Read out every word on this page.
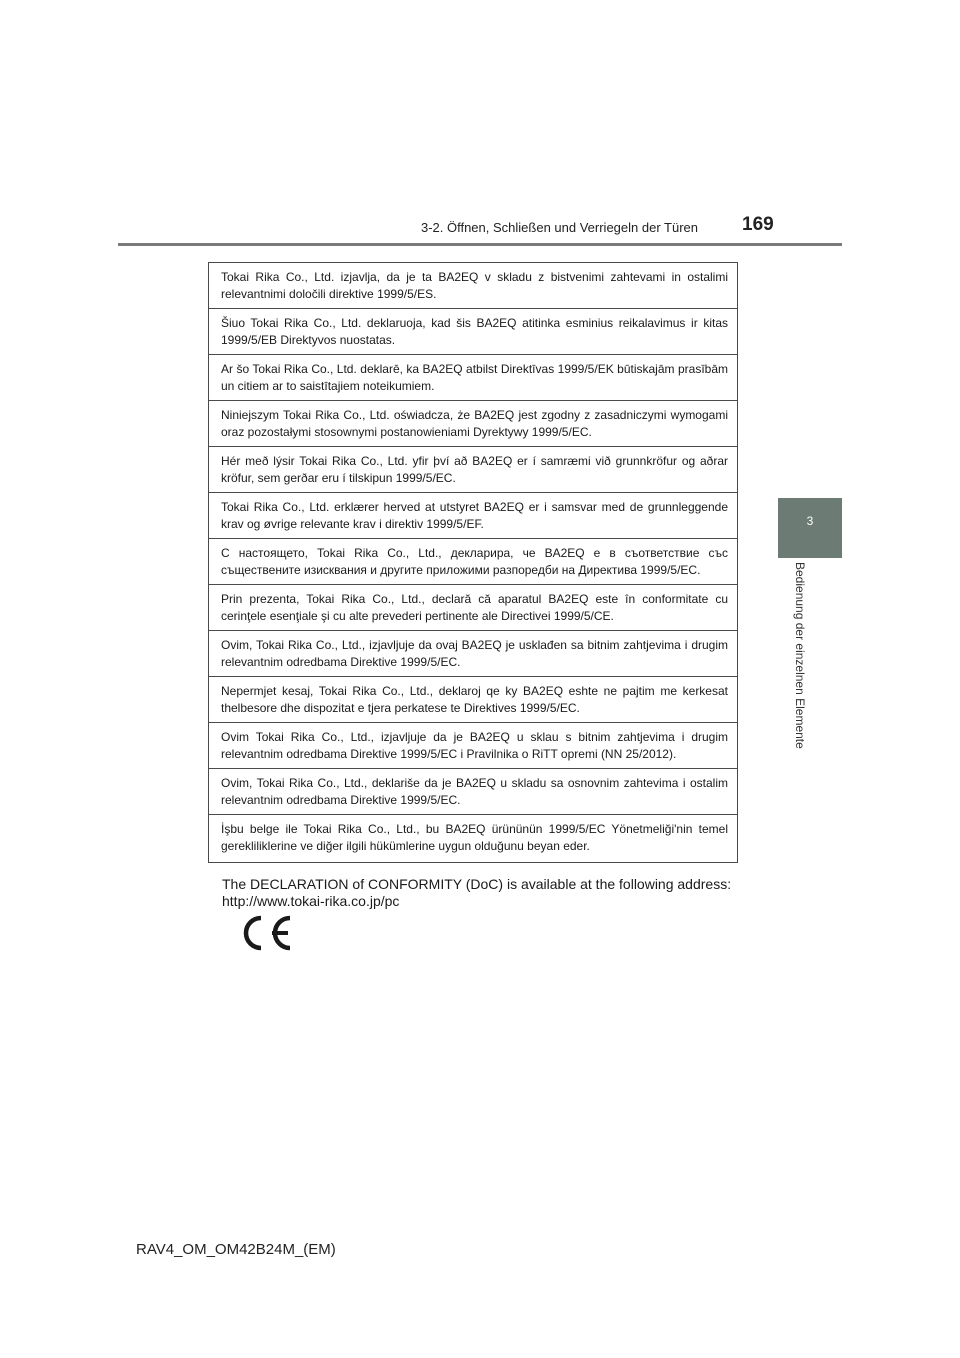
3-2. Öffnen, Schließen und Verriegeln der Türen 169
3
Bedienung der einzelnen Elemente
Tokai Rika Co., Ltd. izjavlja, da je ta BA2EQ v skladu z bistvenimi zahtevami in ostalimi relevantnimi določili direktive 1999/5/ES.
Šiuo Tokai Rika Co., Ltd. deklaruoja, kad šis BA2EQ atitinka esminius reikalavimus ir kitas 1999/5/EB Direktyvos nuostatas.
Ar šo Tokai Rika Co., Ltd. deklarē, ka BA2EQ atbilst Direktīvas 1999/5/EK būtiskajām prasībām un citiem ar to saistītajiem noteikumiem.
Niniejszym Tokai Rika Co., Ltd. oświadcza, że BA2EQ jest zgodny z zasadniczymi wymogami oraz pozostałymi stosownymi postanowieniami Dyrektywy 1999/5/EC.
Hér með lýsir Tokai Rika Co., Ltd. yfir því að BA2EQ er í samræmi við grunnkröfur og aðrar kröfur, sem gerðar eru í tilskipun 1999/5/EC.
Tokai Rika Co., Ltd. erklærer herved at utstyret BA2EQ er i samsvar med de grunnleggende krav og øvrige relevante krav i direktiv 1999/5/EF.
С настоящето, Tokai Rika Co., Ltd., декларира, че BA2EQ е в съответствие със съществените изисквания и другите приложими разпоредби на Директива 1999/5/ЕС.
Prin prezenta, Tokai Rika Co., Ltd., declară că aparatul BA2EQ este în conformitate cu cerinţele esenţiale şi cu alte prevederi pertinente ale Directivei 1999/5/CE.
Ovim, Tokai Rika Co., Ltd., izjavljuje da ovaj BA2EQ je usklađen sa bitnim zahtjevima i drugim relevantnim odredbama Direktive 1999/5/EC.
Nepermjet kesaj, Tokai Rika Co., Ltd., deklaroj qe ky BA2EQ eshte ne pajtim me kerkesat thelbesore dhe dispozitat e tjera perkatese te Direktives 1999/5/EC.
Ovim Tokai Rika Co., Ltd., izjavljuje da je BA2EQ u sklau s bitnim zahtjevima i drugim relevantnim odredbama Direktive 1999/5/EC i Pravilnika o RiTT opremi (NN 25/2012).
Ovim, Tokai Rika Co., Ltd., deklariše da je BA2EQ u skladu sa osnovnim zahtevima i ostalim relevantnim odredbama Direktive 1999/5/EC.
İşbu belge ile Tokai Rika Co., Ltd., bu BA2EQ ürününün 1999/5/EC Yönetmeliği'nin temel gerekliliklerine ve diğer ilgili hükümlerine uygun olduğunu beyan eder.
The DECLARATION of CONFORMITY (DoC) is available at the following address:
http://www.tokai-rika.co.jp/pc
RAV4_OM_OM42B24M_(EM)
